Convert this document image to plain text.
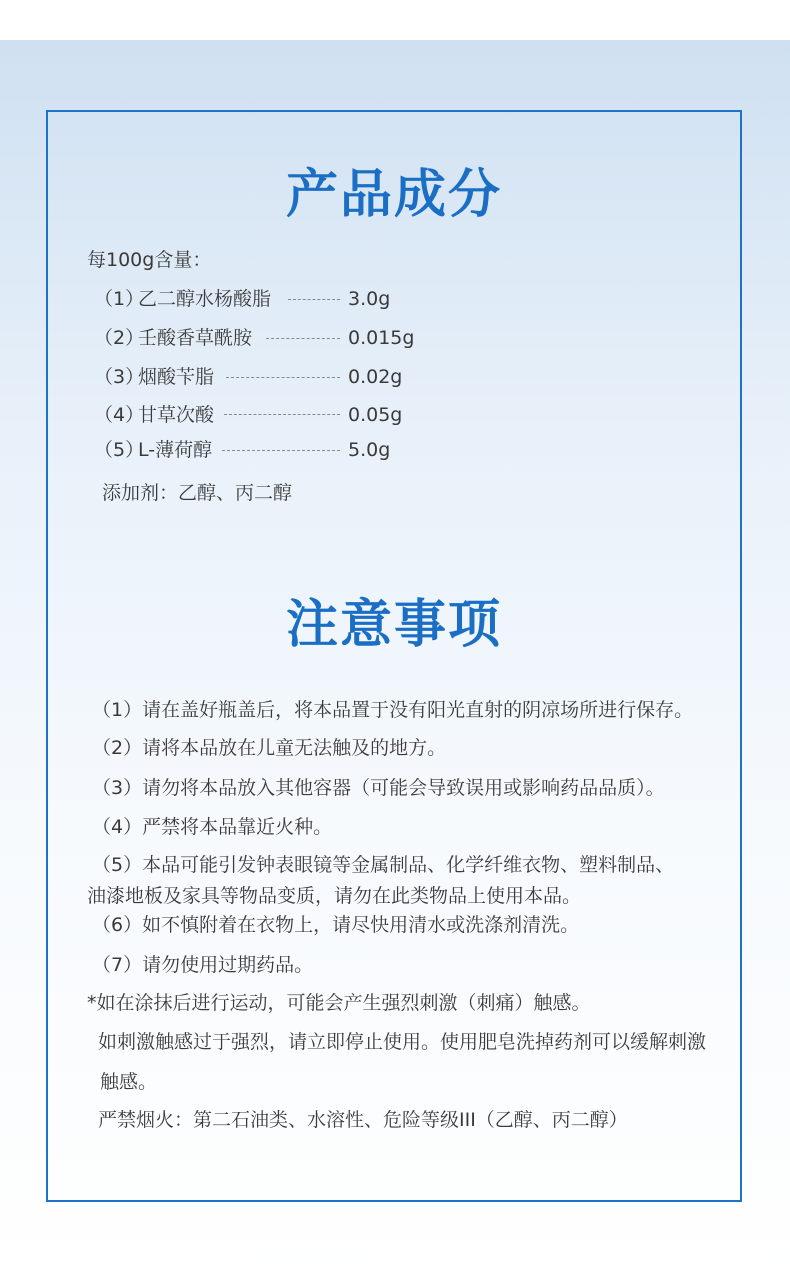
产品成分
每100g含量：
（1）
乙二醇水杨酸脂	3.0g
（2）
壬酸香草酰胺	0.015g
（3）
烟酸苄脂	0.02g
（4）
甘草次酸	0.05g
（5）
L-薄荷醇	5.0g
添加剂：乙醇、丙二醇
注意事项
（1）请在盖好瓶盖后，将本品置于没有阳光直射的阴凉场所进行保存。
（2）请将本品放在儿童无法触及的地方。
（3）请勿将本品放入其他容器（可能会导致误用或影响药品品质）。
（4）严禁将本品靠近火种。
（5）本品可能引发钟表眼镜等金属制品、化学纤维衣物、塑料制品、
油漆地板及家具等物品变质，请勿在此类物品上使用本品。
（6）如不慎附着在衣物上，请尽快用清水或洗涤剂清洗。
（7）请勿使用过期药品。
*如在涂抹后进行运动，可能会产生强烈刺激（刺痛）触感。
如刺激触感过于强烈，请立即停止使用。使用肥皂洗掉药剂可以缓解刺激
触感。
严禁烟火：第二石油类、水溶性、危险等级III（乙醇、丙二醇）
